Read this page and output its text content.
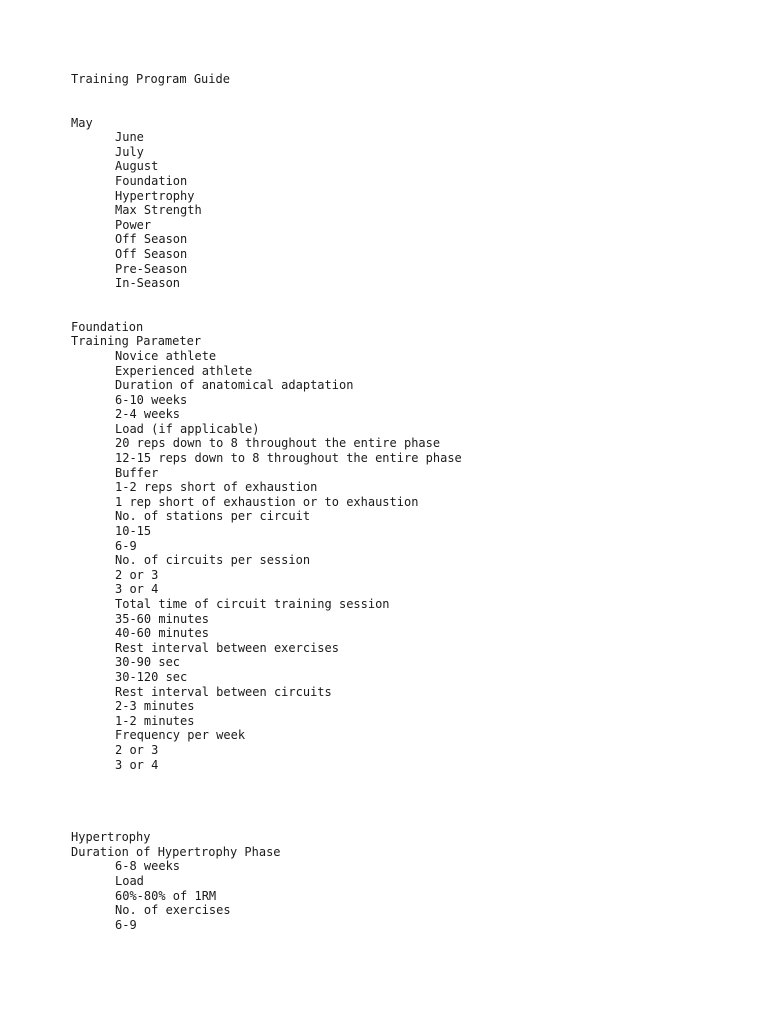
Training Program Guide
May
June
July
August
Foundation
Hypertrophy
Max Strength
Power
Off Season
Off Season
Pre-Season
In-Season
Foundation
Training Parameter
Novice athlete
Experienced athlete
Duration of anatomical adaptation
6-10 weeks
2-4 weeks
Load (if applicable)
20 reps down to 8 throughout the entire phase
12-15 reps down to 8 throughout the entire phase
Buffer
1-2 reps short of exhaustion
1 rep short of exhaustion or to exhaustion
No. of stations per circuit
10-15
6-9
No. of circuits per session
2 or 3
3 or 4
Total time of circuit training session
35-60 minutes
40-60 minutes
Rest interval between exercises
30-90 sec
30-120 sec
Rest interval between circuits
2-3 minutes
1-2 minutes
Frequency per week
2 or 3
3 or 4
Hypertrophy
Duration of Hypertrophy Phase
6-8 weeks
Load
60%-80% of 1RM
No. of exercises
6-9
